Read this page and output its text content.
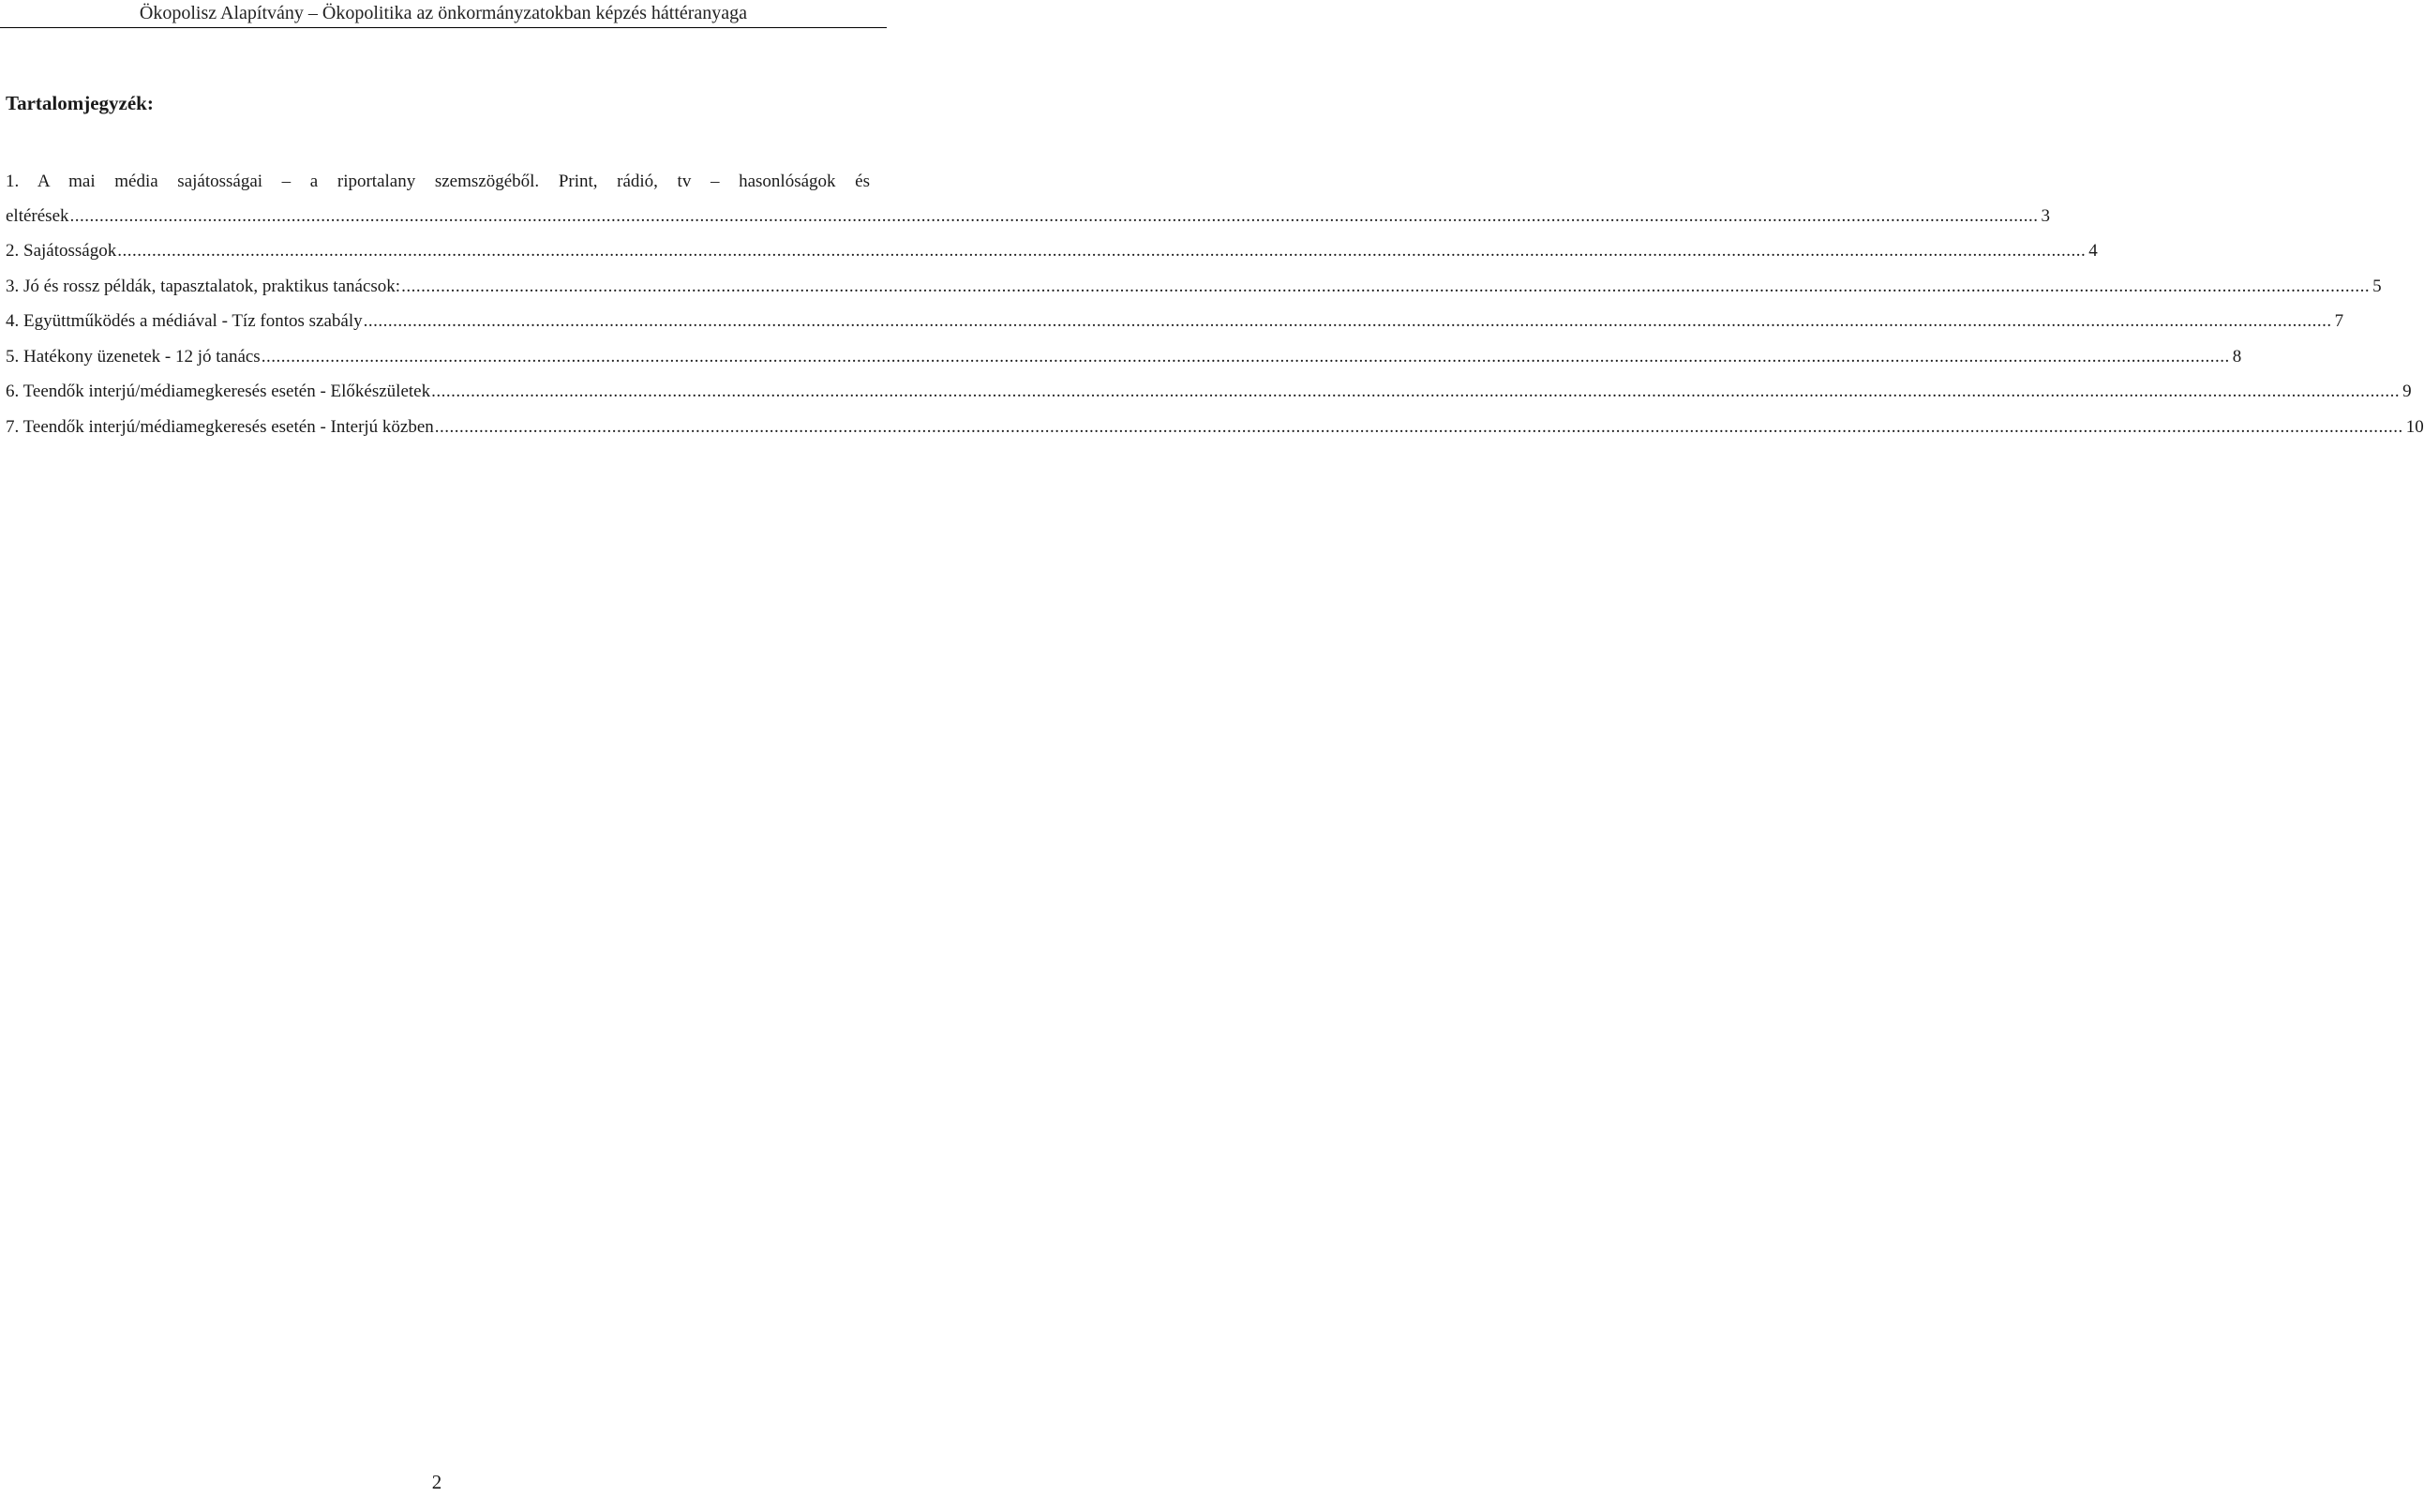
Ökopolisz Alapítvány – Ökopolitika az önkormányzatokban képzés háttéranyaga
Tartalomjegyzék:
1. A mai média sajátosságai – a riportalany szemszögéből. Print, rádió, tv – hasonlóságok és
eltérések ................................................................................................................................................................................................................................................................................................................................................................................................................ 3
2. Sajátosságok ................................................................................................................................................................................................................................................................................................................................................................................................................ 4
3. Jó és rossz példák, tapasztalatok, praktikus tanácsok: ................................................................................................................................................................................................................................................................................................................................................................................................................ 5
4. Együttműködés a médiával - Tíz fontos szabály ................................................................................................................................................................................................................................................................................................................................................................................................................ 7
5. Hatékony üzenetek - 12 jó tanács ................................................................................................................................................................................................................................................................................................................................................................................................................ 8
6. Teendők interjú/médiamegkeresés esetén - Előkészületek ................................................................................................................................................................................................................................................................................................................................................................................................................ 9
7. Teendők interjú/médiamegkeresés esetén - Interjú közben ................................................................................................................................................................................................................................................................................................................................................................................................................ 10
2
